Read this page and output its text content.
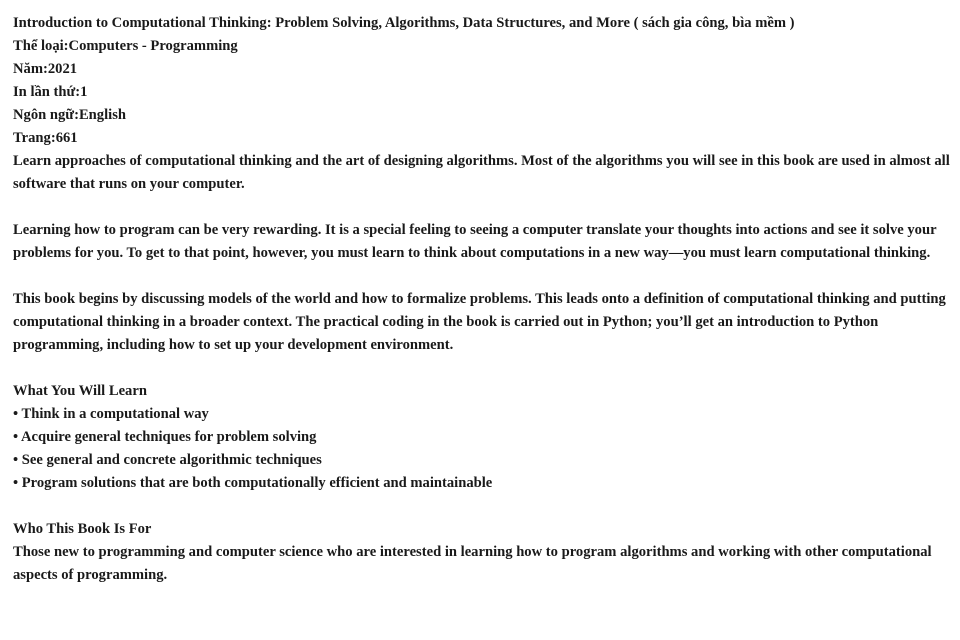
Introduction to Computational Thinking: Problem Solving, Algorithms, Data Structures, and More ( sách gia công, bìa mềm )
Thể loại:Computers - Programming
Năm:2021
In lần thứ:1
Ngôn ngữ:English
Trang:661

Learn approaches of computational thinking and the art of designing algorithms. Most of the algorithms you will see in this book are used in almost all software that runs on your computer.

Learning how to program can be very rewarding. It is a special feeling to seeing a computer translate your thoughts into actions and see it solve your problems for you. To get to that point, however, you must learn to think about computations in a new way—you must learn computational thinking.

This book begins by discussing models of the world and how to formalize problems. This leads onto a definition of computational thinking and putting computational thinking in a broader context. The practical coding in the book is carried out in Python; you’ll get an introduction to Python programming, including how to set up your development environment.

What You Will Learn
• Think in a computational way
• Acquire general techniques for problem solving
• See general and concrete algorithmic techniques
• Program solutions that are both computationally efficient and maintainable
Who This Book Is For

Those new to programming and computer science who are interested in learning how to program algorithms and working with other computational aspects of programming.
